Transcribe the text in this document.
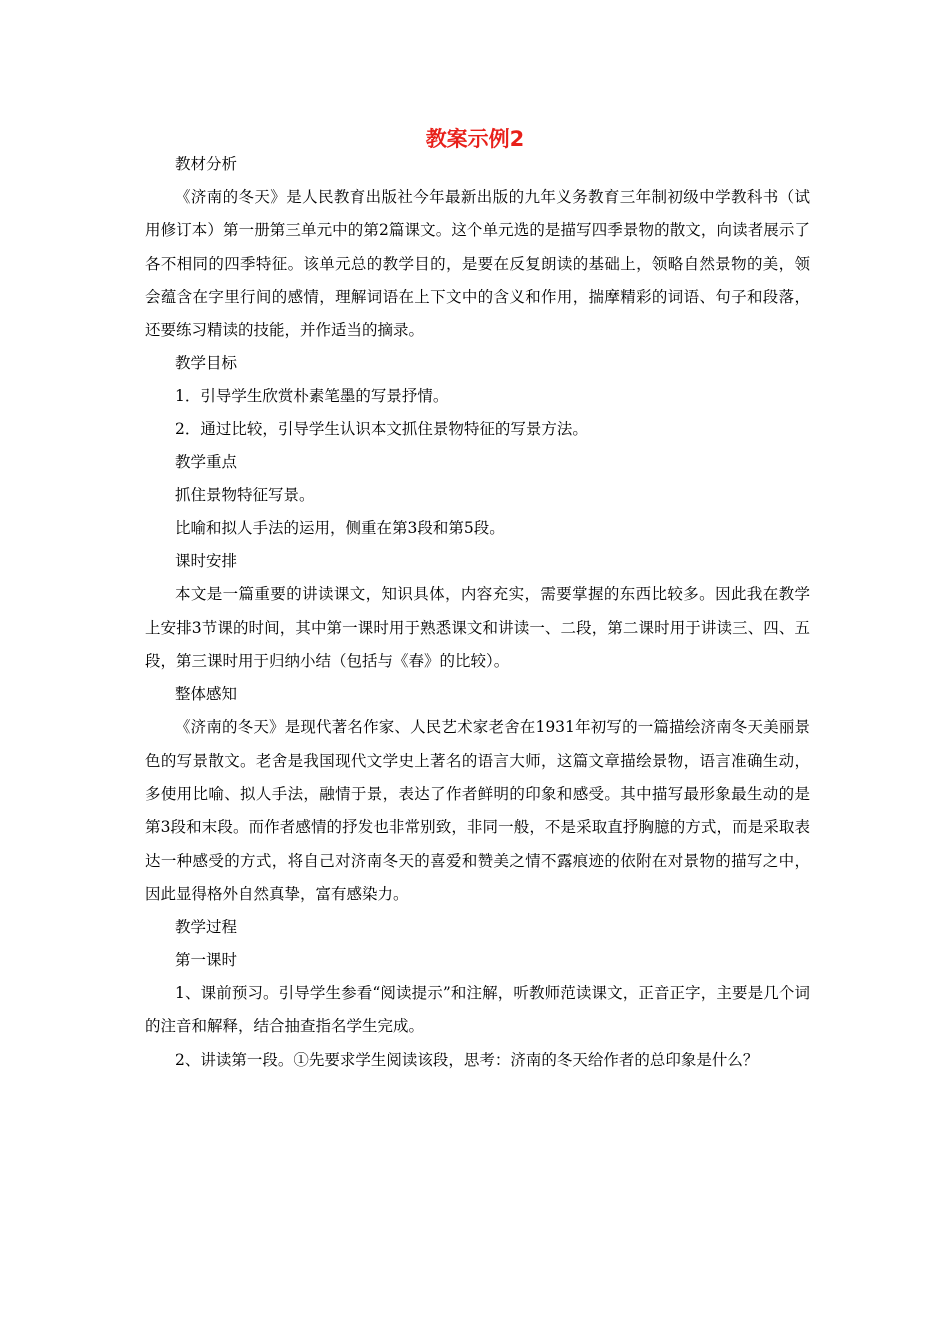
教案示例2
教材分析

《济南的冬天》是人民教育出版社今年最新出版的九年义务教育三年制初级中学教科书（试用修订本）第一册第三单元中的第2篇课文。这个单元选的是描写四季景物的散文，向读者展示了各不相同的四季特征。该单元总的教学目的，是要在反复朗读的基础上，领略自然景物的美，领会蕴含在字里行间的感情，理解词语在上下文中的含义和作用，揣摩精彩的词语、句子和段落，还要练习精读的技能，并作适当的摘录。

教学目标
1．引导学生欣赏朴素笔墨的写景抒情。
2．通过比较，引导学生认识本文抓住景物特征的写景方法。
教学重点
抓住景物特征写景。
比喻和拟人手法的运用，侧重在第3段和第5段。
课时安排

本文是一篇重要的讲读课文，知识具体，内容充实，需要掌握的东西比较多。因此我在教学上安排3节课的时间，其中第一课时用于熟悉课文和讲读一、二段，第二课时用于讲读三、四、五段，第三课时用于归纳小结（包括与《春》的比较）。

整体感知

《济南的冬天》是现代著名作家、人民艺术家老舍在1931年初写的一篇描绘济南冬天美丽景色的写景散文。老舍是我国现代文学史上著名的语言大师，这篇文章描绘景物，语言准确生动，多使用比喻、拟人手法，融情于景，表达了作者鲜明的印象和感受。其中描写最形象最生动的是第3段和末段。而作者感情的抒发也非常别致，非同一般，不是采取直抒胸臆的方式，而是采取表达一种感受的方式，将自己对济南冬天的喜爱和赞美之情不露痕迹的依附在对景物的描写之中，因此显得格外自然真挚，富有感染力。

教学过程
第一课时

1、课前预习。引导学生参看“阅读提示”和注解，听教师范读课文，正音正字，主要是几个词的注音和解释，结合抽查指名学生完成。

2、讲读第一段。①先要求学生阅读该段，思考：济南的冬天给作者的总印象是什么？
